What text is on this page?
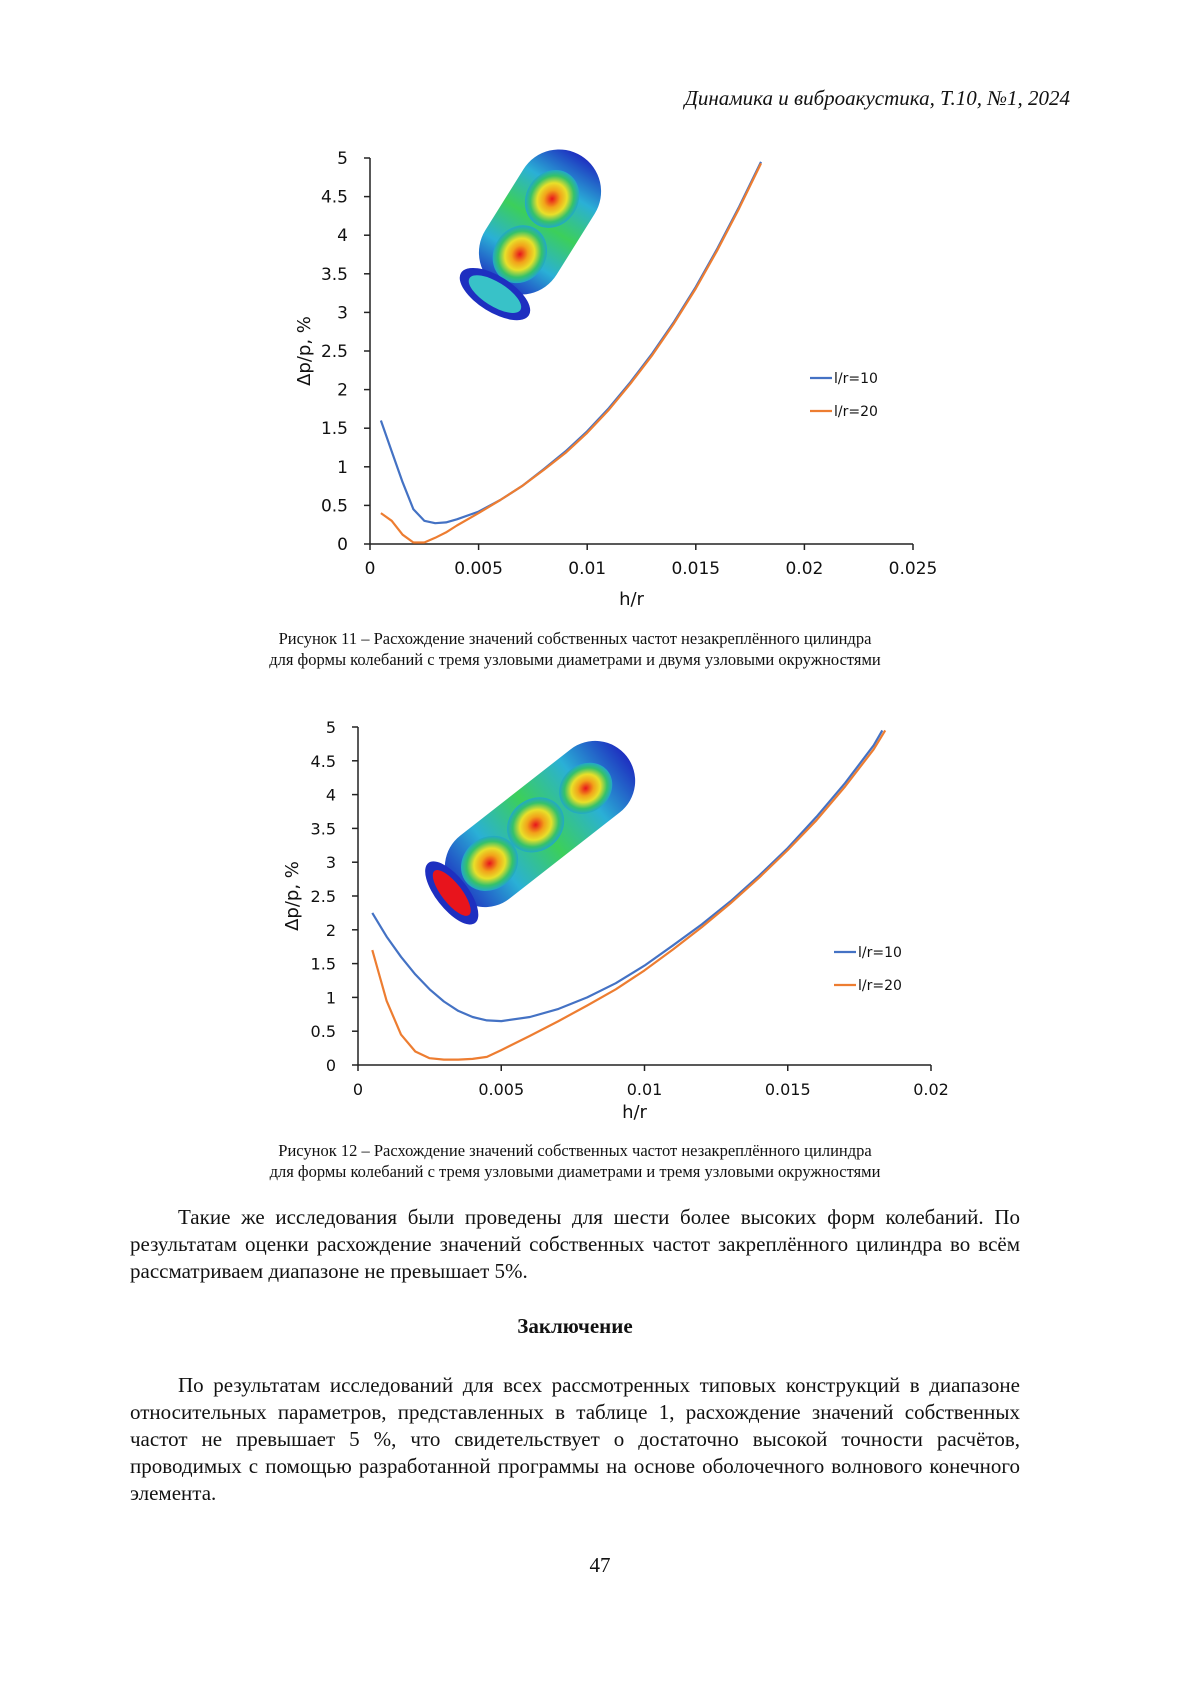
Динамика и виброакустика, Т.10, №1, 2024
0	0.005	0.01	0.015	0.02	0.025
0
0.5
1
1.5
2
2.5
3
3.5
4
4.5
5
h/r
Δp/p, %	l/r=10
l/r=20
Рисунок 11 – Расхождение значений собственных частот незакреплённого цилиндра
для формы колебаний с тремя узловыми диаметрами и двумя узловыми окружностями
0	0.005	0.01	0.015	0.02
0
0.5
1
1.5
2
2.5
3
3.5
4
4.5
5
h/r
Δp/p, %
l/r=10
l/r=20
Рисунок 12 – Расхождение значений собственных частот незакреплённого цилиндра
для формы колебаний с тремя узловыми диаметрами и тремя узловыми окружностями
Такие же исследования были проведены для шести более высоких форм колебаний. По результатам оценки расхождение значений собственных частот закреплённого цилиндра во всём рассматриваем диапазоне не превышает 5%.
Заключение
По результатам исследований для всех рассмотренных типовых конструкций в диапазоне относительных параметров, представленных в таблице 1, расхождение значений собственных частот не превышает 5 %, что свидетельствует о достаточно высокой точности расчётов, проводимых с помощью разработанной программы на основе оболочечного волнового конечного элемента.
47
